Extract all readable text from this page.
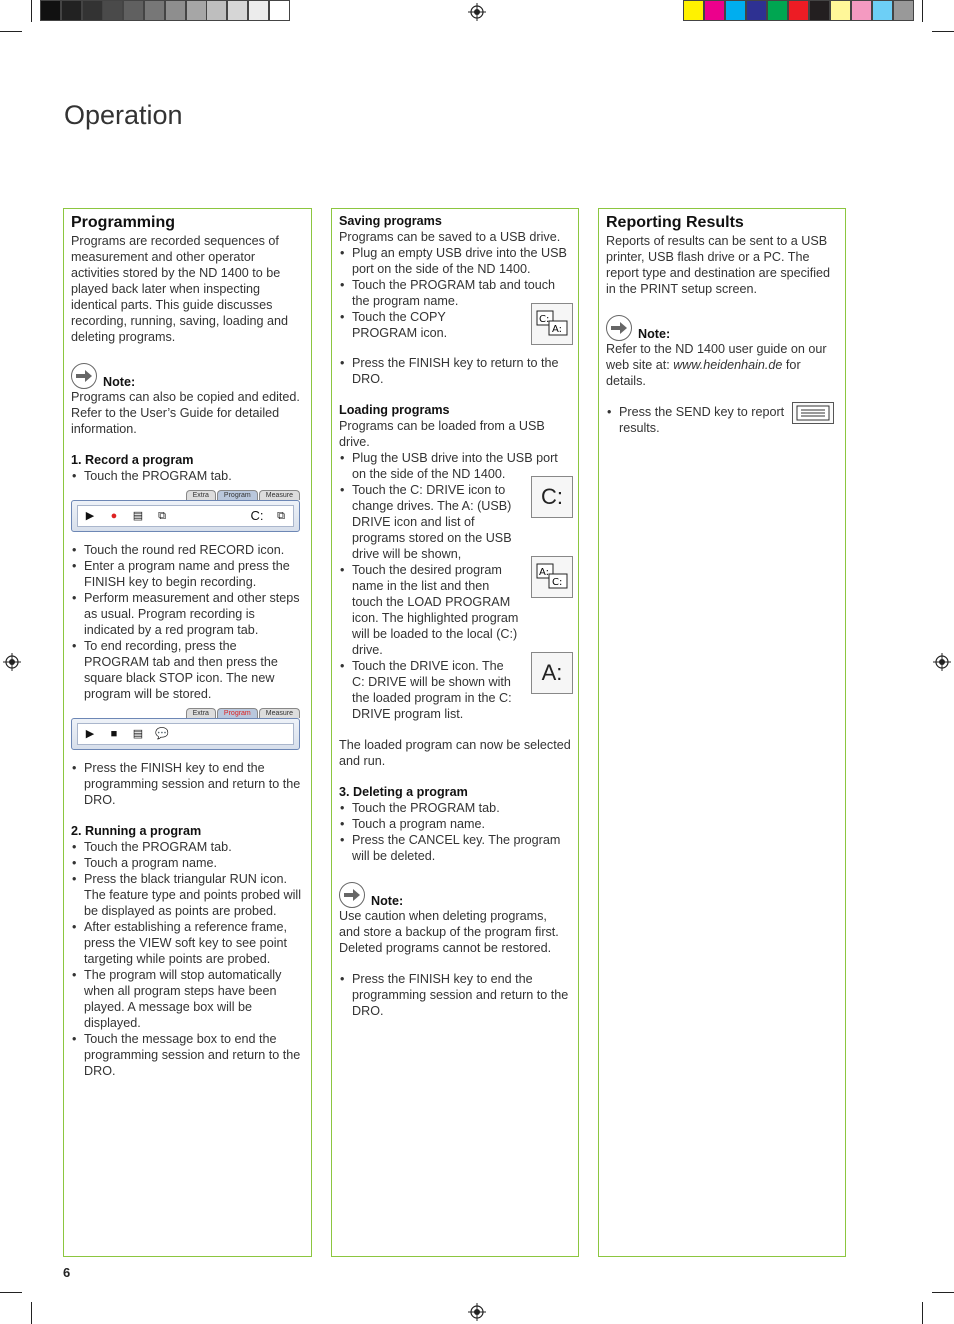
Operation

Programming

Programs are recorded sequences of measurement and other operator activities stored by the ND 1400 to be played back later when inspecting identical parts. This guide discusses recording, running, saving, loading and deleting programs.

Note:

Programs can also be copied and edited. Refer to the User’s Guide for detailed information.

1. Record a program

• Touch the PROGRAM tab.
Extra	Program	Measure
▶	●	▤	⧉	C:	⧉
• Touch the round red RECORD icon.
• Enter a program name and press the FINISH key to begin recording.
• Perform measurement and other steps as usual. Program recording is indicated by a red program tab.
• To end recording, press the PROGRAM tab and then press the square black STOP icon. The new program will be stored.
Extra	Program	Measure
▶	■	▤	💬
• Press the FINISH key to end the programming session and return to the DRO.

2. Running a program

• Touch the PROGRAM tab.
• Touch a program name.
• Press the black triangular RUN icon. The feature type and points probed will be displayed as points are probed.
• After establishing a reference frame, press the VIEW soft key to see point targeting while points are probed.
• The program will stop automatically when all program steps have been played. A message box will be displayed.
• Touch the message box to end the programming session and return to the DRO.

Saving programs

Programs can be saved to a USB drive.

• Plug an empty USB drive into the USB port on the side of the ND 1400.
• Touch the PROGRAM tab and touch the program name.
• Touch the COPY PROGRAM icon.
C:
A:
• Press the FINISH key to return to the DRO.

Loading programs

Programs can be loaded from a USB drive.

• Plug the USB drive into the USB port on the side of the ND 1400.
• Touch the C: DRIVE icon to change drives. The A: (USB) DRIVE icon and list of programs stored on the USB drive will be shown,
C:
• Touch the desired program name in the list and then touch the LOAD PROGRAM icon. The highlighted program will be loaded to the local (C:) drive.
A:
C:
• Touch the DRIVE icon. The C: DRIVE will be shown with the loaded program in the C: DRIVE program list.
A:

The loaded program can now be selected and run.

3. Deleting a program

• Touch the PROGRAM tab.
• Touch a program name.
• Press the CANCEL key. The program will be deleted.
Note:

Use caution when deleting programs, and store a backup of the program first. Deleted programs cannot be restored.

• Press the FINISH key to end the programming session and return to the DRO.

Reporting Results

Reports of results can be sent to a USB printer, USB flash drive or a PC. The report type and destination are specified in the PRINT setup screen.

Note:

Refer to the ND 1400 user guide on our web site at: www.heidenhain.de for details.

• Press the SEND key to report results.
6
